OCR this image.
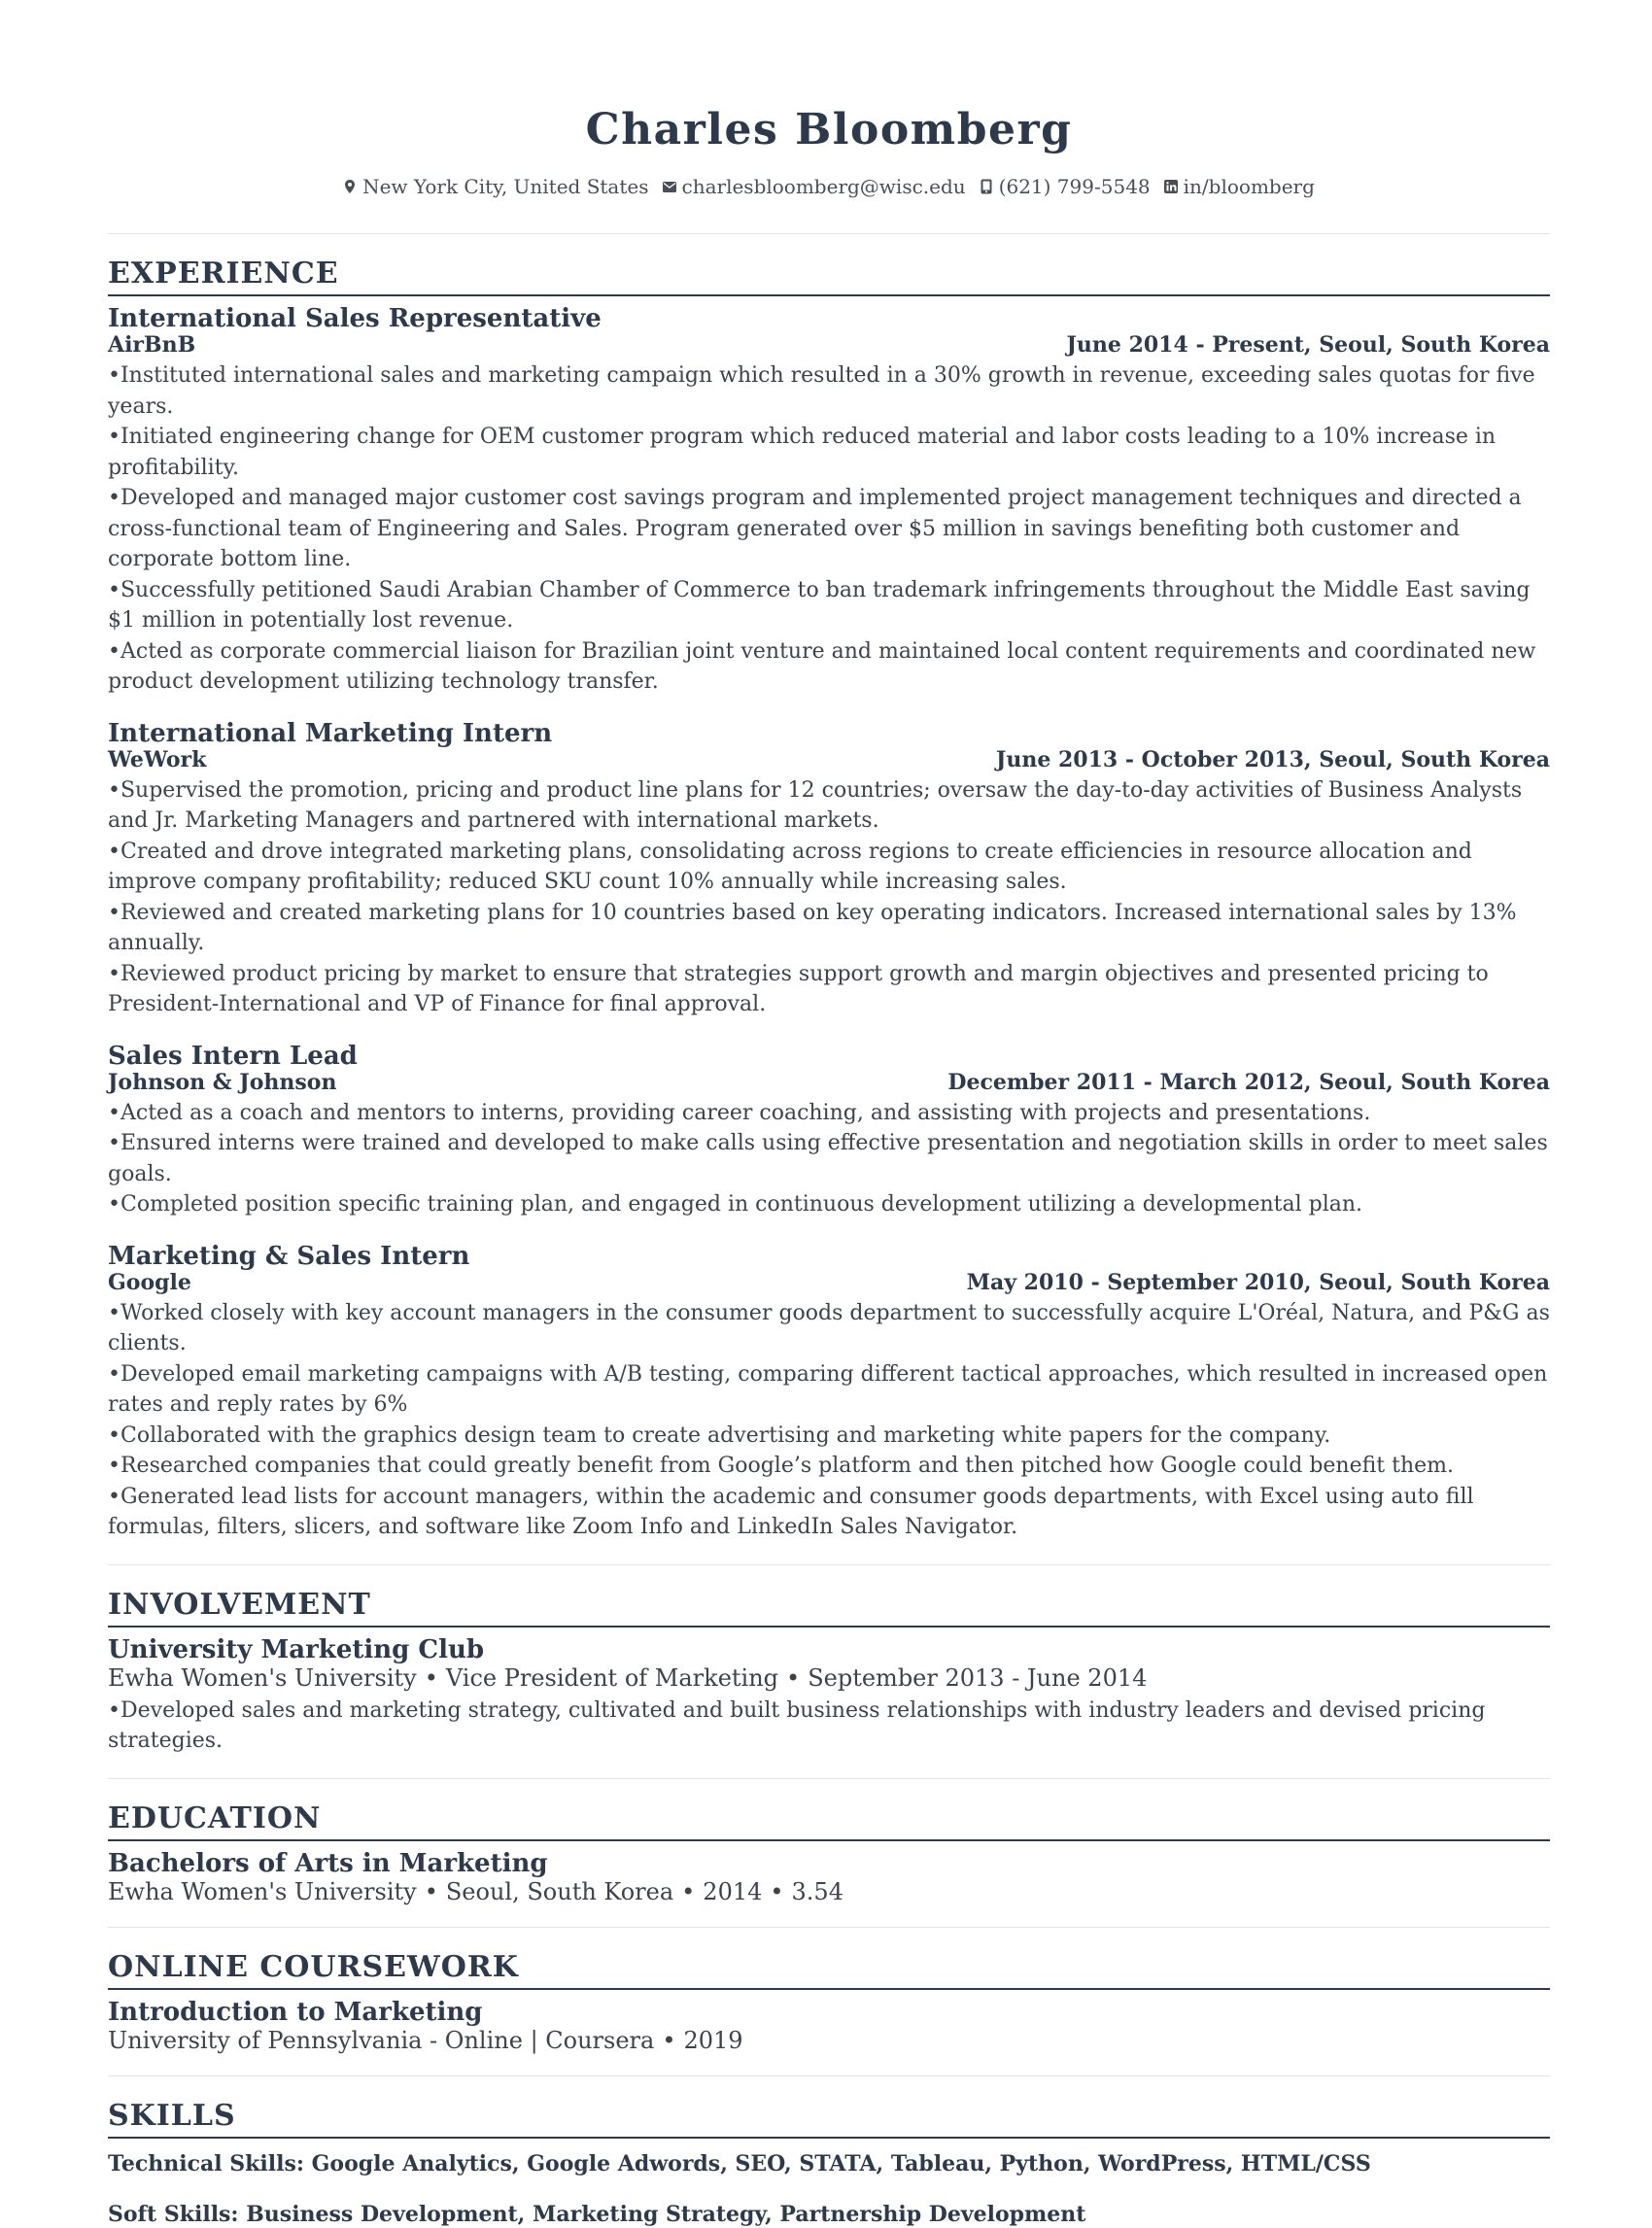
Charles Bloomberg
New York City, United States charlesbloomberg@wisc.edu (621) 799-5548 in/bloomberg
EXPERIENCE
International Sales Representative
AirBnB	June 2014 - Present, Seoul, South Korea
• Instituted international sales and marketing campaign which resulted in a 30% growth in revenue, exceeding sales quotas for five years.
• Initiated engineering change for OEM customer program which reduced material and labor costs leading to a 10% increase in profitability.
• Developed and managed major customer cost savings program and implemented project management techniques and directed a cross-functional team of Engineering and Sales. Program generated over $5 million in savings benefiting both customer and corporate bottom line.
• Successfully petitioned Saudi Arabian Chamber of Commerce to ban trademark infringements throughout the Middle East saving $1 million in potentially lost revenue.
• Acted as corporate commercial liaison for Brazilian joint venture and maintained local content requirements and coordinated new product development utilizing technology transfer.
International Marketing Intern
WeWork	June 2013 - October 2013, Seoul, South Korea
• Supervised the promotion, pricing and product line plans for 12 countries; oversaw the day-to-day activities of Business Analysts and Jr. Marketing Managers and partnered with international markets.
• Created and drove integrated marketing plans, consolidating across regions to create efficiencies in resource allocation and improve company profitability; reduced SKU count 10% annually while increasing sales.
• Reviewed and created marketing plans for 10 countries based on key operating indicators. Increased international sales by 13% annually.
• Reviewed product pricing by market to ensure that strategies support growth and margin objectives and presented pricing to President-International and VP of Finance for final approval.
Sales Intern Lead
Johnson & Johnson	December 2011 - March 2012, Seoul, South Korea
• Acted as a coach and mentors to interns, providing career coaching, and assisting with projects and presentations.
• Ensured interns were trained and developed to make calls using effective presentation and negotiation skills in order to meet sales goals.
• Completed position specific training plan, and engaged in continuous development utilizing a developmental plan.
Marketing & Sales Intern
Google	May 2010 - September 2010, Seoul, South Korea
• Worked closely with key account managers in the consumer goods department to successfully acquire L'Oréal, Natura, and P&G as clients.
• Developed email marketing campaigns with A/B testing, comparing different tactical approaches, which resulted in increased open rates and reply rates by 6%
• Collaborated with the graphics design team to create advertising and marketing white papers for the company.
• Researched companies that could greatly benefit from Google’s platform and then pitched how Google could benefit them.
• Generated lead lists for account managers, within the academic and consumer goods departments, with Excel using auto fill formulas, filters, slicers, and software like Zoom Info and LinkedIn Sales Navigator.
INVOLVEMENT
University Marketing Club
Ewha Women's University • Vice President of Marketing • September 2013 - June 2014
• Developed sales and marketing strategy, cultivated and built business relationships with industry leaders and devised pricing strategies.
EDUCATION
Bachelors of Arts in Marketing
Ewha Women's University • Seoul, South Korea • 2014 • 3.54
ONLINE COURSEWORK
Introduction to Marketing
University of Pennsylvania - Online | Coursera • 2019
SKILLS
Technical Skills: Google Analytics, Google Adwords, SEO, STATA, Tableau, Python, WordPress, HTML/CSS
Soft Skills: Business Development, Marketing Strategy, Partnership Development
